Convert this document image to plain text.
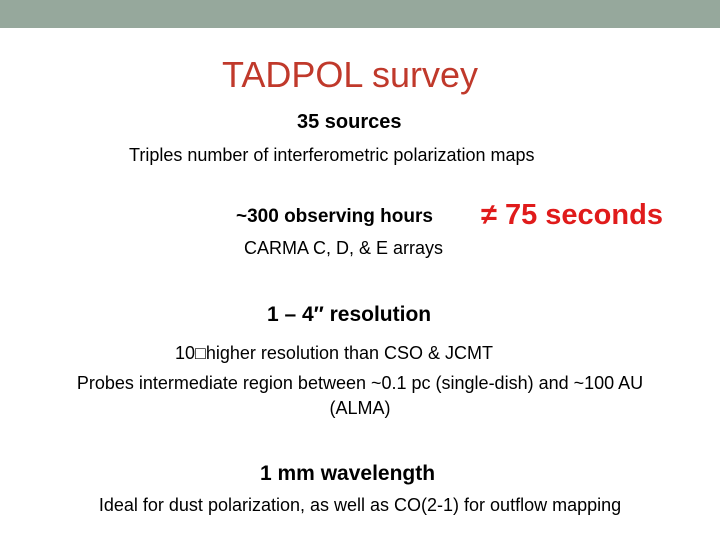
TADPOL survey
35 sources
Triples number of interferometric polarization maps
~300 observing hours ≠ 75 seconds
CARMA C, D, & E arrays
1 – 4″ resolution
10□higher resolution than CSO & JCMT
Probes intermediate region between ~0.1 pc (single-dish) and ~100 AU
(ALMA)
1 mm wavelength
Ideal for dust polarization, as well as CO(2-1) for outflow mapping
